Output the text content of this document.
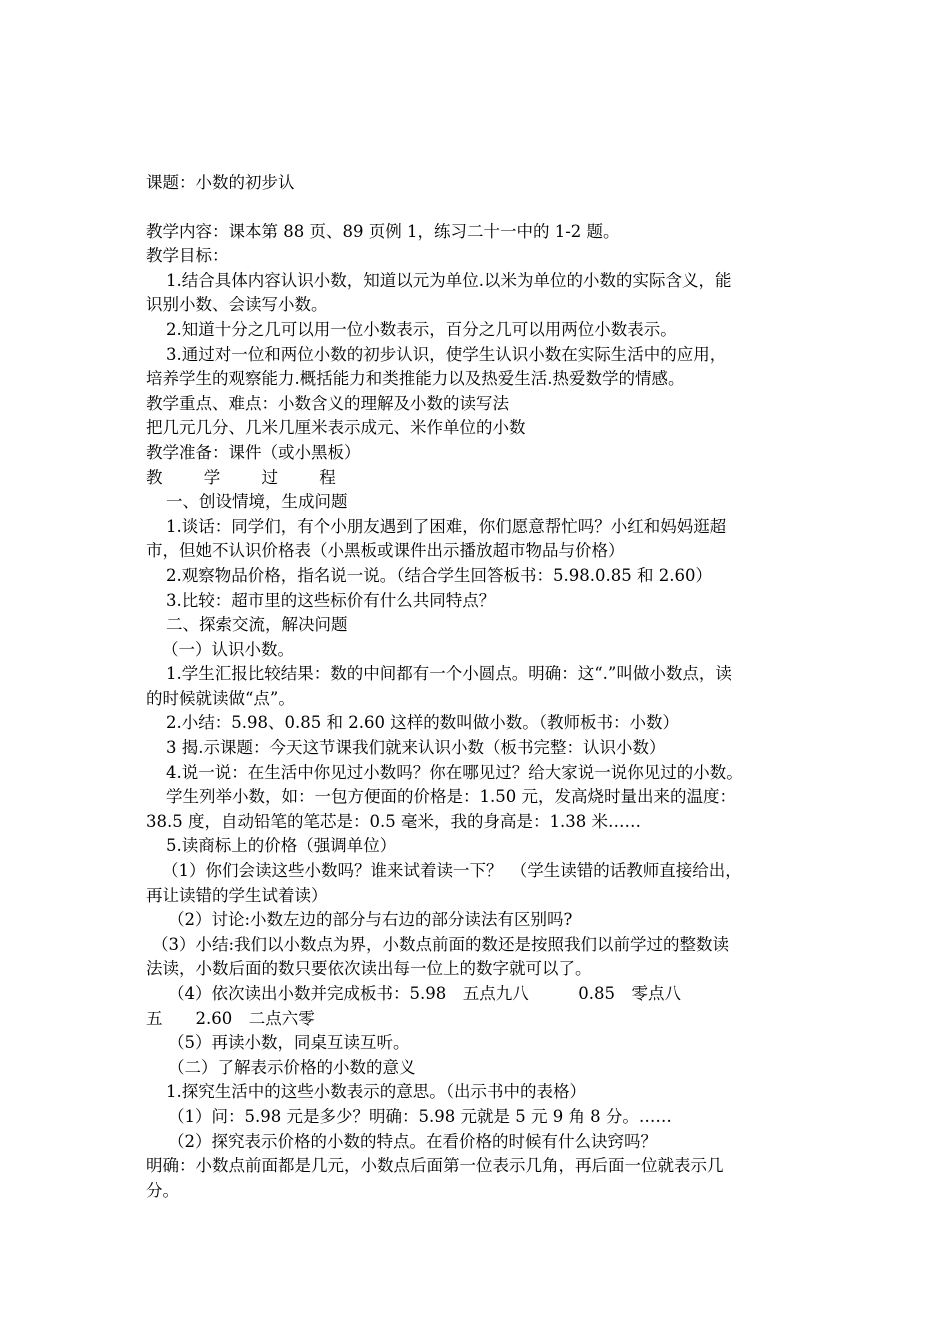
课题：小数的初步认
教学内容：课本第 88 页、89 页例 1，练习二十一中的 1-2 题。
教学目标：
1.结合具体内容认识小数，知道以元为单位.以米为单位的小数的实际含义，能
识别小数、会读写小数。
2.知道十分之几可以用一位小数表示，百分之几可以用两位小数表示。
3.通过对一位和两位小数的初步认识，使学生认识小数在实际生活中的应用，
培养学生的观察能力.概括能力和类推能力以及热爱生活.热爱数学的情感。
教学重点、难点：小数含义的理解及小数的读写法
把几元几分、几米几厘米表示成元、米作单位的小数
教学准备：课件（或小黑板）
教 学 过 程
一、创设情境，生成问题
1.谈话：同学们，有个小朋友遇到了困难，你们愿意帮忙吗？小红和妈妈逛超
市，但她不认识价格表（小黑板或课件出示播放超市物品与价格）
2.观察物品价格，指名说一说。（结合学生回答板书：5.98.0.85 和 2.60）
3.比较：超市里的这些标价有什么共同特点？
二、探索交流，解决问题
（一）认识小数。
1.学生汇报比较结果：数的中间都有一个小圆点。明确：这“.”叫做小数点，读
的时候就读做“点”。
2.小结：5.98、0.85 和 2.60 这样的数叫做小数。（教师板书：小数）
3 揭.示课题：今天这节课我们就来认识小数（板书完整：认识小数）
4.说一说：在生活中你见过小数吗？你在哪见过？给大家说一说你见过的小数。
学生列举小数，如：一包方便面的价格是：1.50 元，发高烧时量出来的温度：
38.5 度，自动铅笔的笔芯是：0.5 毫米，我的身高是：1.38 米……
5.读商标上的价格（强调单位）
（1）你们会读这些小数吗？谁来试着读一下？　（学生读错的话教师直接给出，
再让读错的学生试着读）
（2）讨论:小数左边的部分与右边的部分读法有区别吗?
（3）小结:我们以小数点为界，小数点前面的数还是按照我们以前学过的整数读
法读，小数后面的数只要依次读出每一位上的数字就可以了。
（4）依次读出小数并完成板书：5.98　五点九八　　　0.85　零点八
五　　2.60　二点六零
（5）再读小数，同桌互读互听。
（二）了解表示价格的小数的意义
1.探究生活中的这些小数表示的意思。（出示书中的表格）
（1）问：5.98 元是多少？明确：5.98 元就是 5 元 9 角 8 分。……
（2）探究表示价格的小数的特点。在看价格的时候有什么诀窍吗？
明确：小数点前面都是几元，小数点后面第一位表示几角，再后面一位就表示几
分。
